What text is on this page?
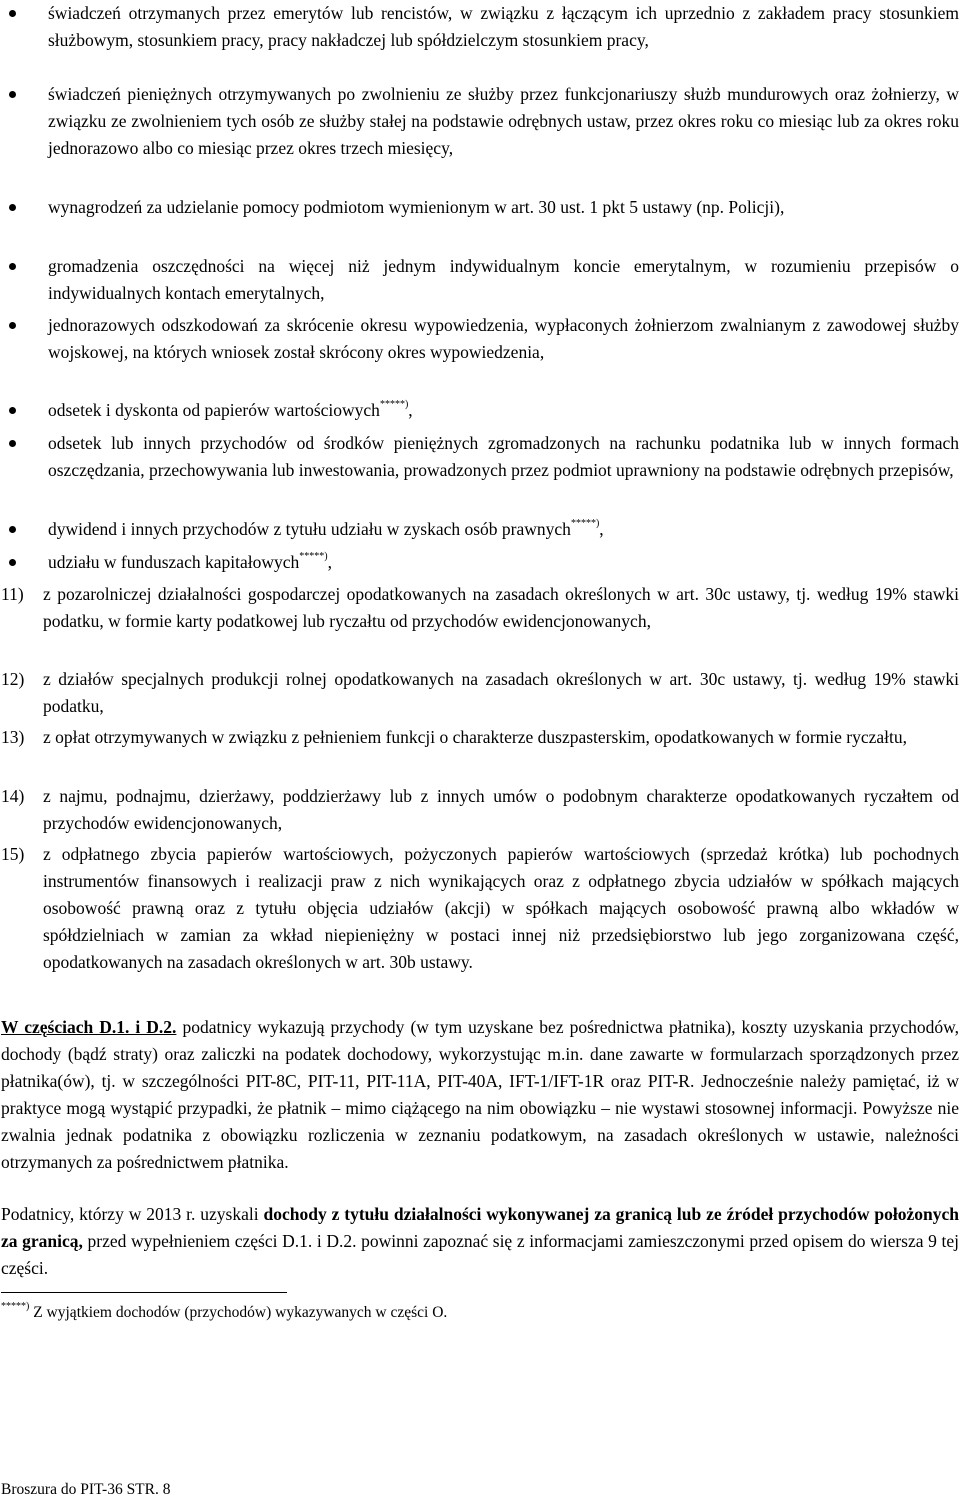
świadczeń otrzymanych przez emerytów lub rencistów, w związku z łączącym ich uprzednio z zakładem pracy stosunkiem służbowym, stosunkiem pracy, pracy nakładczej lub spółdzielczym stosunkiem pracy,

świadczeń pieniężnych otrzymywanych po zwolnieniu ze służby przez funkcjonariuszy służb mundurowych oraz żołnierzy, w związku ze zwolnieniem tych osób ze służby stałej na podstawie odrębnych ustaw, przez okres roku co miesiąc lub za okres roku jednorazowo albo co miesiąc przez okres trzech miesięcy,

wynagrodzeń za udzielanie pomocy podmiotom wymienionym w art. 30 ust. 1 pkt 5 ustawy (np. Policji),

gromadzenia oszczędności na więcej niż jednym indywidualnym koncie emerytalnym, w rozumieniu przepisów o indywidualnych kontach emerytalnych,

jednorazowych odszkodowań za skrócenie okresu wypowiedzenia, wypłaconych żołnierzom zwalnianym z zawodowej służby wojskowej, na których wniosek został skrócony okres wypowiedzenia,

odsetek i dyskonta od papierów wartościowych*****),

odsetek lub innych przychodów od środków pieniężnych zgromadzonych na rachunku podatnika lub w innych formach oszczędzania, przechowywania lub inwestowania, prowadzonych przez podmiot uprawniony na podstawie odrębnych przepisów,

dywidend i innych przychodów z tytułu udziału w zyskach osób prawnych*****),

udziału w funduszach kapitałowych*****),

11) z pozarolniczej działalności gospodarczej opodatkowanych na zasadach określonych w art. 30c ustawy, tj. według 19% stawki podatku, w formie karty podatkowej lub ryczałtu od przychodów ewidencjonowanych,

12) z działów specjalnych produkcji rolnej opodatkowanych na zasadach określonych w art. 30c ustawy, tj. według 19% stawki podatku,

13) z opłat otrzymywanych w związku z pełnieniem funkcji o charakterze duszpasterskim, opodatkowanych w formie ryczałtu,

14) z najmu, podnajmu, dzierżawy, poddzierżawy lub z innych umów o podobnym charakterze opodatkowanych ryczałtem od przychodów ewidencjonowanych,

15) z odpłatnego zbycia papierów wartościowych, pożyczonych papierów wartościowych (sprzedaż krótka) lub pochodnych instrumentów finansowych i realizacji praw z nich wynikających oraz z odpłatnego zbycia udziałów w spółkach mających osobowość prawną oraz z tytułu objęcia udziałów (akcji) w spółkach mających osobowość prawną albo wkładów w spółdzielniach w zamian za wkład niepieniężny w postaci innej niż przedsiębiorstwo lub jego zorganizowana część, opodatkowanych na zasadach określonych w art. 30b ustawy.

W częściach D.1. i D.2. podatnicy wykazują przychody (w tym uzyskane bez pośrednictwa płatnika), koszty uzyskania przychodów, dochody (bądź straty) oraz zaliczki na podatek dochodowy, wykorzystując m.in. dane zawarte w formularzach sporządzonych przez płatnika(ów), tj. w szczególności PIT-8C, PIT-11, PIT-11A, PIT-40A, IFT-1/IFT-1R oraz PIT-R. Jednocześnie należy pamiętać, iż w praktyce mogą wystąpić przypadki, że płatnik – mimo ciążącego na nim obowiązku – nie wystawi stosownej informacji. Powyższe nie zwalnia jednak podatnika z obowiązku rozliczenia w zeznaniu podatkowym, na zasadach określonych w ustawie, należności otrzymanych za pośrednictwem płatnika.

Podatnicy, którzy w 2013 r. uzyskali dochody z tytułu działalności wykonywanej za granicą lub ze źródeł przychodów położonych za granicą, przed wypełnieniem części D.1. i D.2. powinni zapoznać się z informacjami zamieszczonymi przed opisem do wiersza 9 tej części.

*****) Z wyjątkiem dochodów (przychodów) wykazywanych w części O.

Broszura do PIT-36 STR. 8
